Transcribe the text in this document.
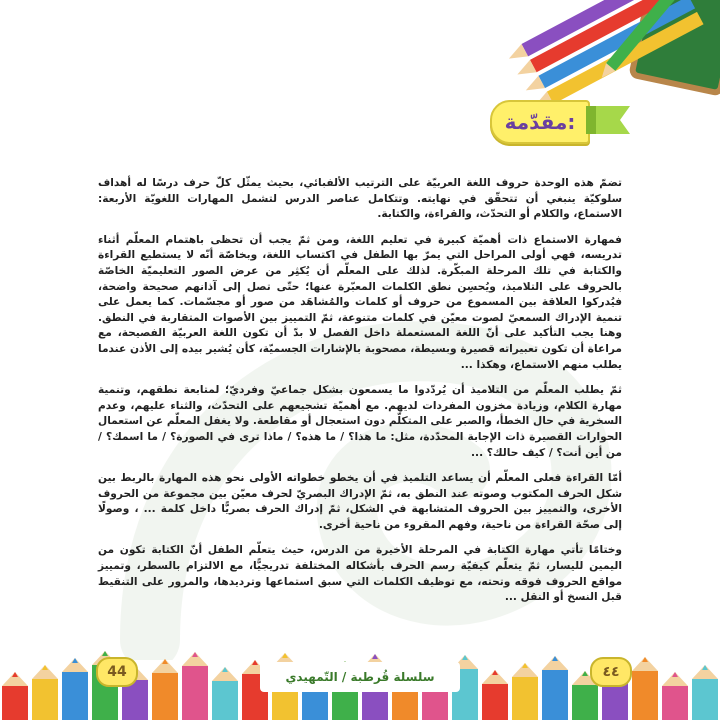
مقدّمة:

تضمّ هذه الوحدة حروف اللغة العربيّة على الترتيب الألفبائي، بحيث يمثّل كلّ حرف درسًا له أهداف سلوكيّة ينبغي أن تتحقّق في نهايته. وتتكامل عناصر الدرس لتشمل المهارات اللغويّة الأربعة: الاستماع، والكلام أو التحدّث، والقراءة، والكتابة.

فمهارة الاستماع ذات أهميّة كبيرة في تعليم اللغة، ومن ثمّ يجب أن تحظى باهتمام المعلّم أثناء تدريسه، فهي أولى المراحل التي يمرّ بها الطفل في اكتساب اللغة، وبخاصّة أنّه لا يستطيع القراءة والكتابة في تلك المرحلة المبكّرة. لذلك على المعلّم أن يُكثِر من عرض الصور التعليميّة الخاصّة بالحروف على التلاميذ، ويُحسِن نطق الكلمات المعبّرة عنها؛ حتّى تصل إلى آذانهم صحيحة واضحة، فيُدركوا العلاقة بين المسموع من حروف أو كلمات والمُشاهَد من صور أو مجسّمات. كما يعمل على تنمية الإدراك السمعيّ لصوت معيّن في كلمات متنوعة، ثمّ التمييز بين الأصوات المتقاربة في النطق. وهنا يجب التأكيد على أنّ اللغة المستعملة داخل الفصل لا بدّ أن تكون اللغة العربيّة الفصيحة، مع مراعاة أن تكون تعبيراته قصيرة وبسيطة، مصحوبة بالإشارات الجسميّة، كأن يُشير بيده إلى الأذن عندما يطلب منهم الاستماع، وهكذا ...

ثمّ يطلب المعلّم من التلاميذ أن يُردّدوا ما يسمعون بشكل جماعيّ وفرديّ؛ لمتابعة نطقهم، وتنمية مهارة الكلام، وزيادة مخزون المفردات لديهم. مع أهميّة تشجيعهم على التحدّث، والثناء عليهم، وعدم السخرية في حال الخطأ، والصبر على المتكلّم دون استعجال أو مقاطعة. ولا يغفل المعلّم عن استعمال الحوارات القصيرة ذات الإجابة المحدّدة، مثل: ما هذا؟ / ما هذه؟ / ماذا ترى في الصورة؟ / ما اسمك؟ / من أين أنت؟ / كيف حالك؟ ...

أمّا القراءة فعلى المعلّم أن يساعد التلميذ في أن يخطو خطواته الأولى نحو هذه المهارة بالربط بين شكل الحرف المكتوب وصوته عند النطق به، ثمّ الإدراك البصريّ لحرف معيّن بين مجموعة من الحروف الأخرى، والتمييز بين الحروف المتشابهة في الشكل، ثمّ إدراك الحرف بصريًّا داخل كلمة ... ، وصولًا إلى صحّة القراءة من ناحية، وفهم المقروء من ناحية أخرى.

وختامًا تأتي مهارة الكتابة في المرحلة الأخيرة من الدرس، حيث يتعلّم الطفل أنّ الكتابة تكون من اليمين لليسار، ثمّ يتعلّم كيفيّة رسم الحرف بأشكاله المختلفة تدريجيًّا، مع الالتزام بالسطر، وتمييز مواقع الحروف فوقه وتحته، مع توظيف الكلمات التي سبق استماعها وترديدها، والمرور على التنقيط قبل النسخ أو النقل ...

44	سلسلة قُرطبة / التّمهيدي	٤٤
